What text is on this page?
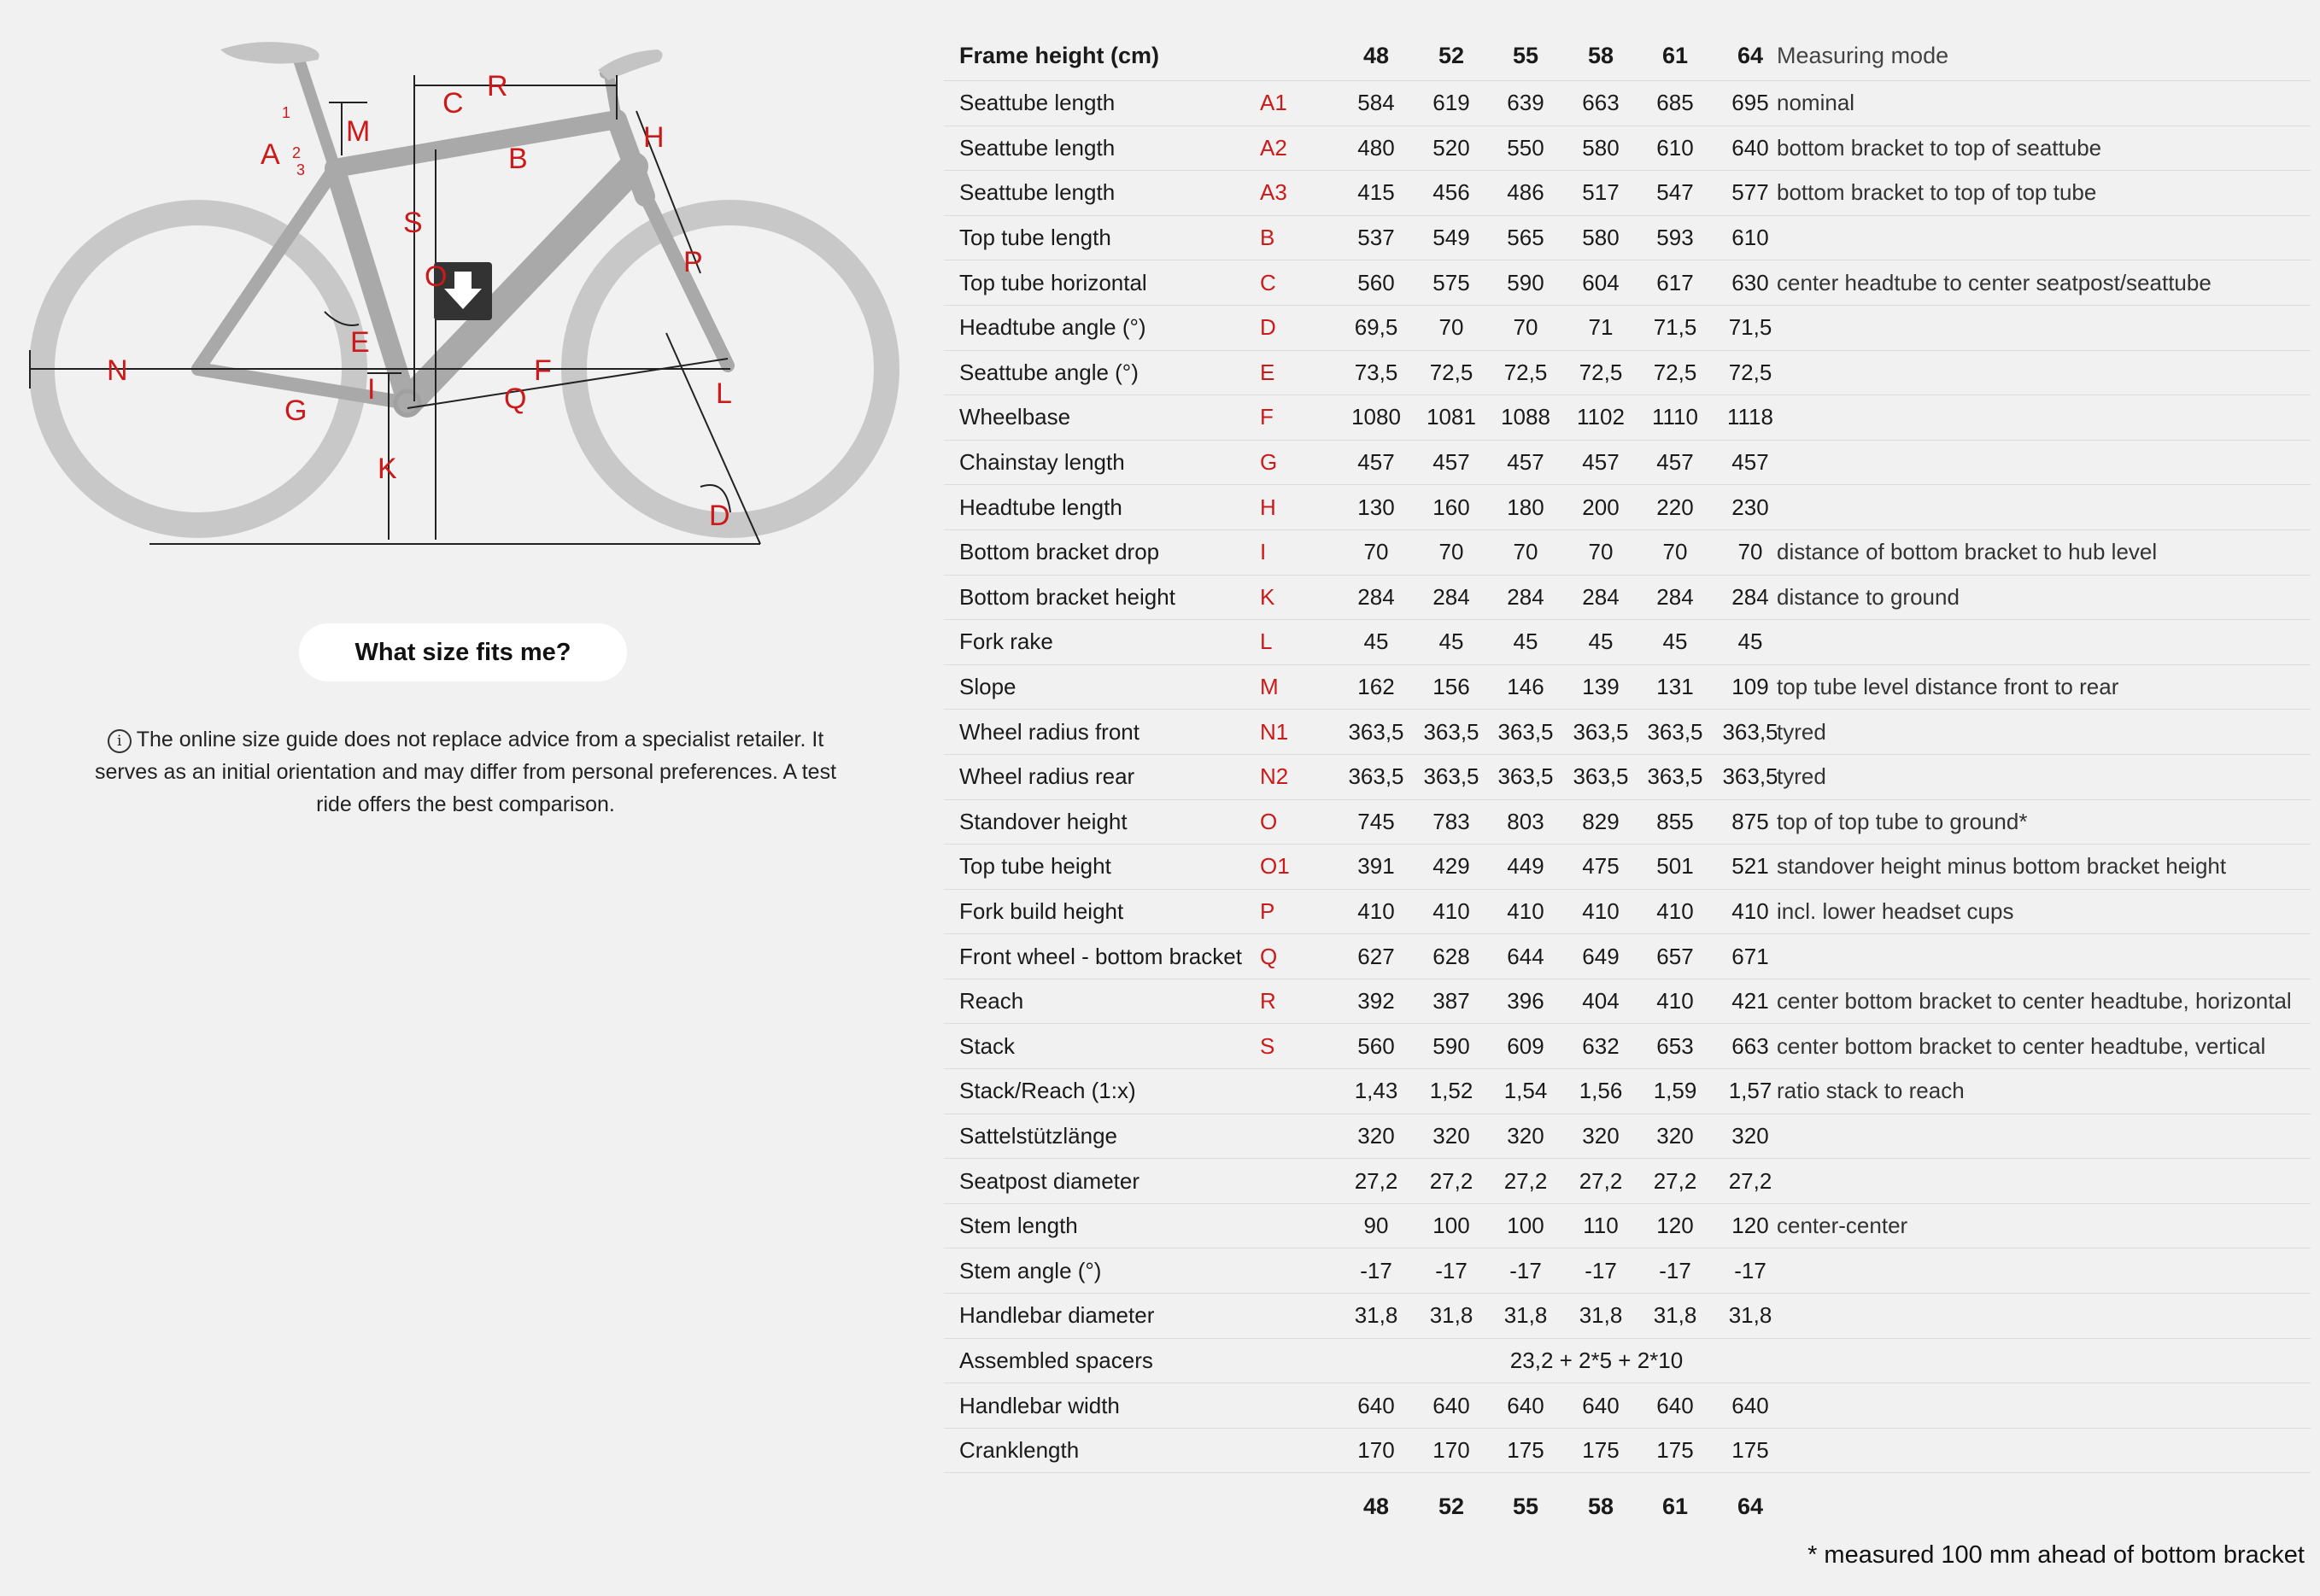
R
C
M
A
1
2
3	B
H
S
O	P
E
N	F
I	L
G	Q
K
D
What size fits me?
i The online size guide does not replace advice from a specialist retailer. It serves as an initial orientation and may differ from personal preferences. A test ride offers the best comparison.
Frame height (cm)	48	52	55	58	61	64 Measuring mode
Seattube length	A1	584	619	639	663	685	695 nominal
Seattube length	A2	480	520	550	580	610	640 bottom bracket to top of seattube
Seattube length	A3	415	456	486	517	547	577 bottom bracket to top of top tube
Top tube length	B	537	549	565	580	593	610
Top tube horizontal	C	560	575	590	604	617	630 center headtube to center seatpost/seattube
Headtube angle (°)	D	69,5	70	70	71	71,5	71,5
Seattube angle (°)	E	73,5	72,5	72,5	72,5	72,5	72,5
Wheelbase	F	1080	1081	1088	1102	1110	1118
Chainstay length	G	457	457	457	457	457	457
Headtube length	H	130	160	180	200	220	230
Bottom bracket drop	I	70	70	70	70	70	70 distance of bottom bracket to hub level
Bottom bracket height	K	284	284	284	284	284	284 distance to ground
Fork rake	L	45	45	45	45	45	45
Slope	M	162	156	146	139	131	109 top tube level distance front to rear
Wheel radius front	N1	363,5 363,5 363,5 363,5 363,5 363,5
tyred
Wheel radius rear	N2	363,5 363,5 363,5 363,5 363,5 363,5
tyred
Standover height	O	745	783	803	829	855	875 top of top tube to ground*
Top tube height	O1	391	429	449	475	501	521 standover height minus bottom bracket height
Fork build height	P	410	410	410	410	410	410 incl. lower headset cups
Front wheel - bottom bracket Q	627	628	644	649	657	671
Reach	R	392	387	396	404	410	421 center bottom bracket to center headtube, horizontal
Stack	S	560	590	609	632	653	663 center bottom bracket to center headtube, vertical
Stack/Reach (1:x)	1,43	1,52	1,54	1,56	1,59	1,57 ratio stack to reach
Sattelstützlänge	320	320	320	320	320	320
Seatpost diameter	27,2	27,2	27,2	27,2	27,2	27,2
Stem length	90	100	100	110	120	120 center-center
Stem angle (°)	-17	-17	-17	-17	-17	-17
Handlebar diameter	31,8	31,8	31,8	31,8	31,8	31,8
Assembled spacers	23,2 + 2*5 + 2*10
Handlebar width	640	640	640	640	640	640
Cranklength	170	170	175	175	175	175
48	52	55	58	61	64
* measured 100 mm ahead of bottom bracket
